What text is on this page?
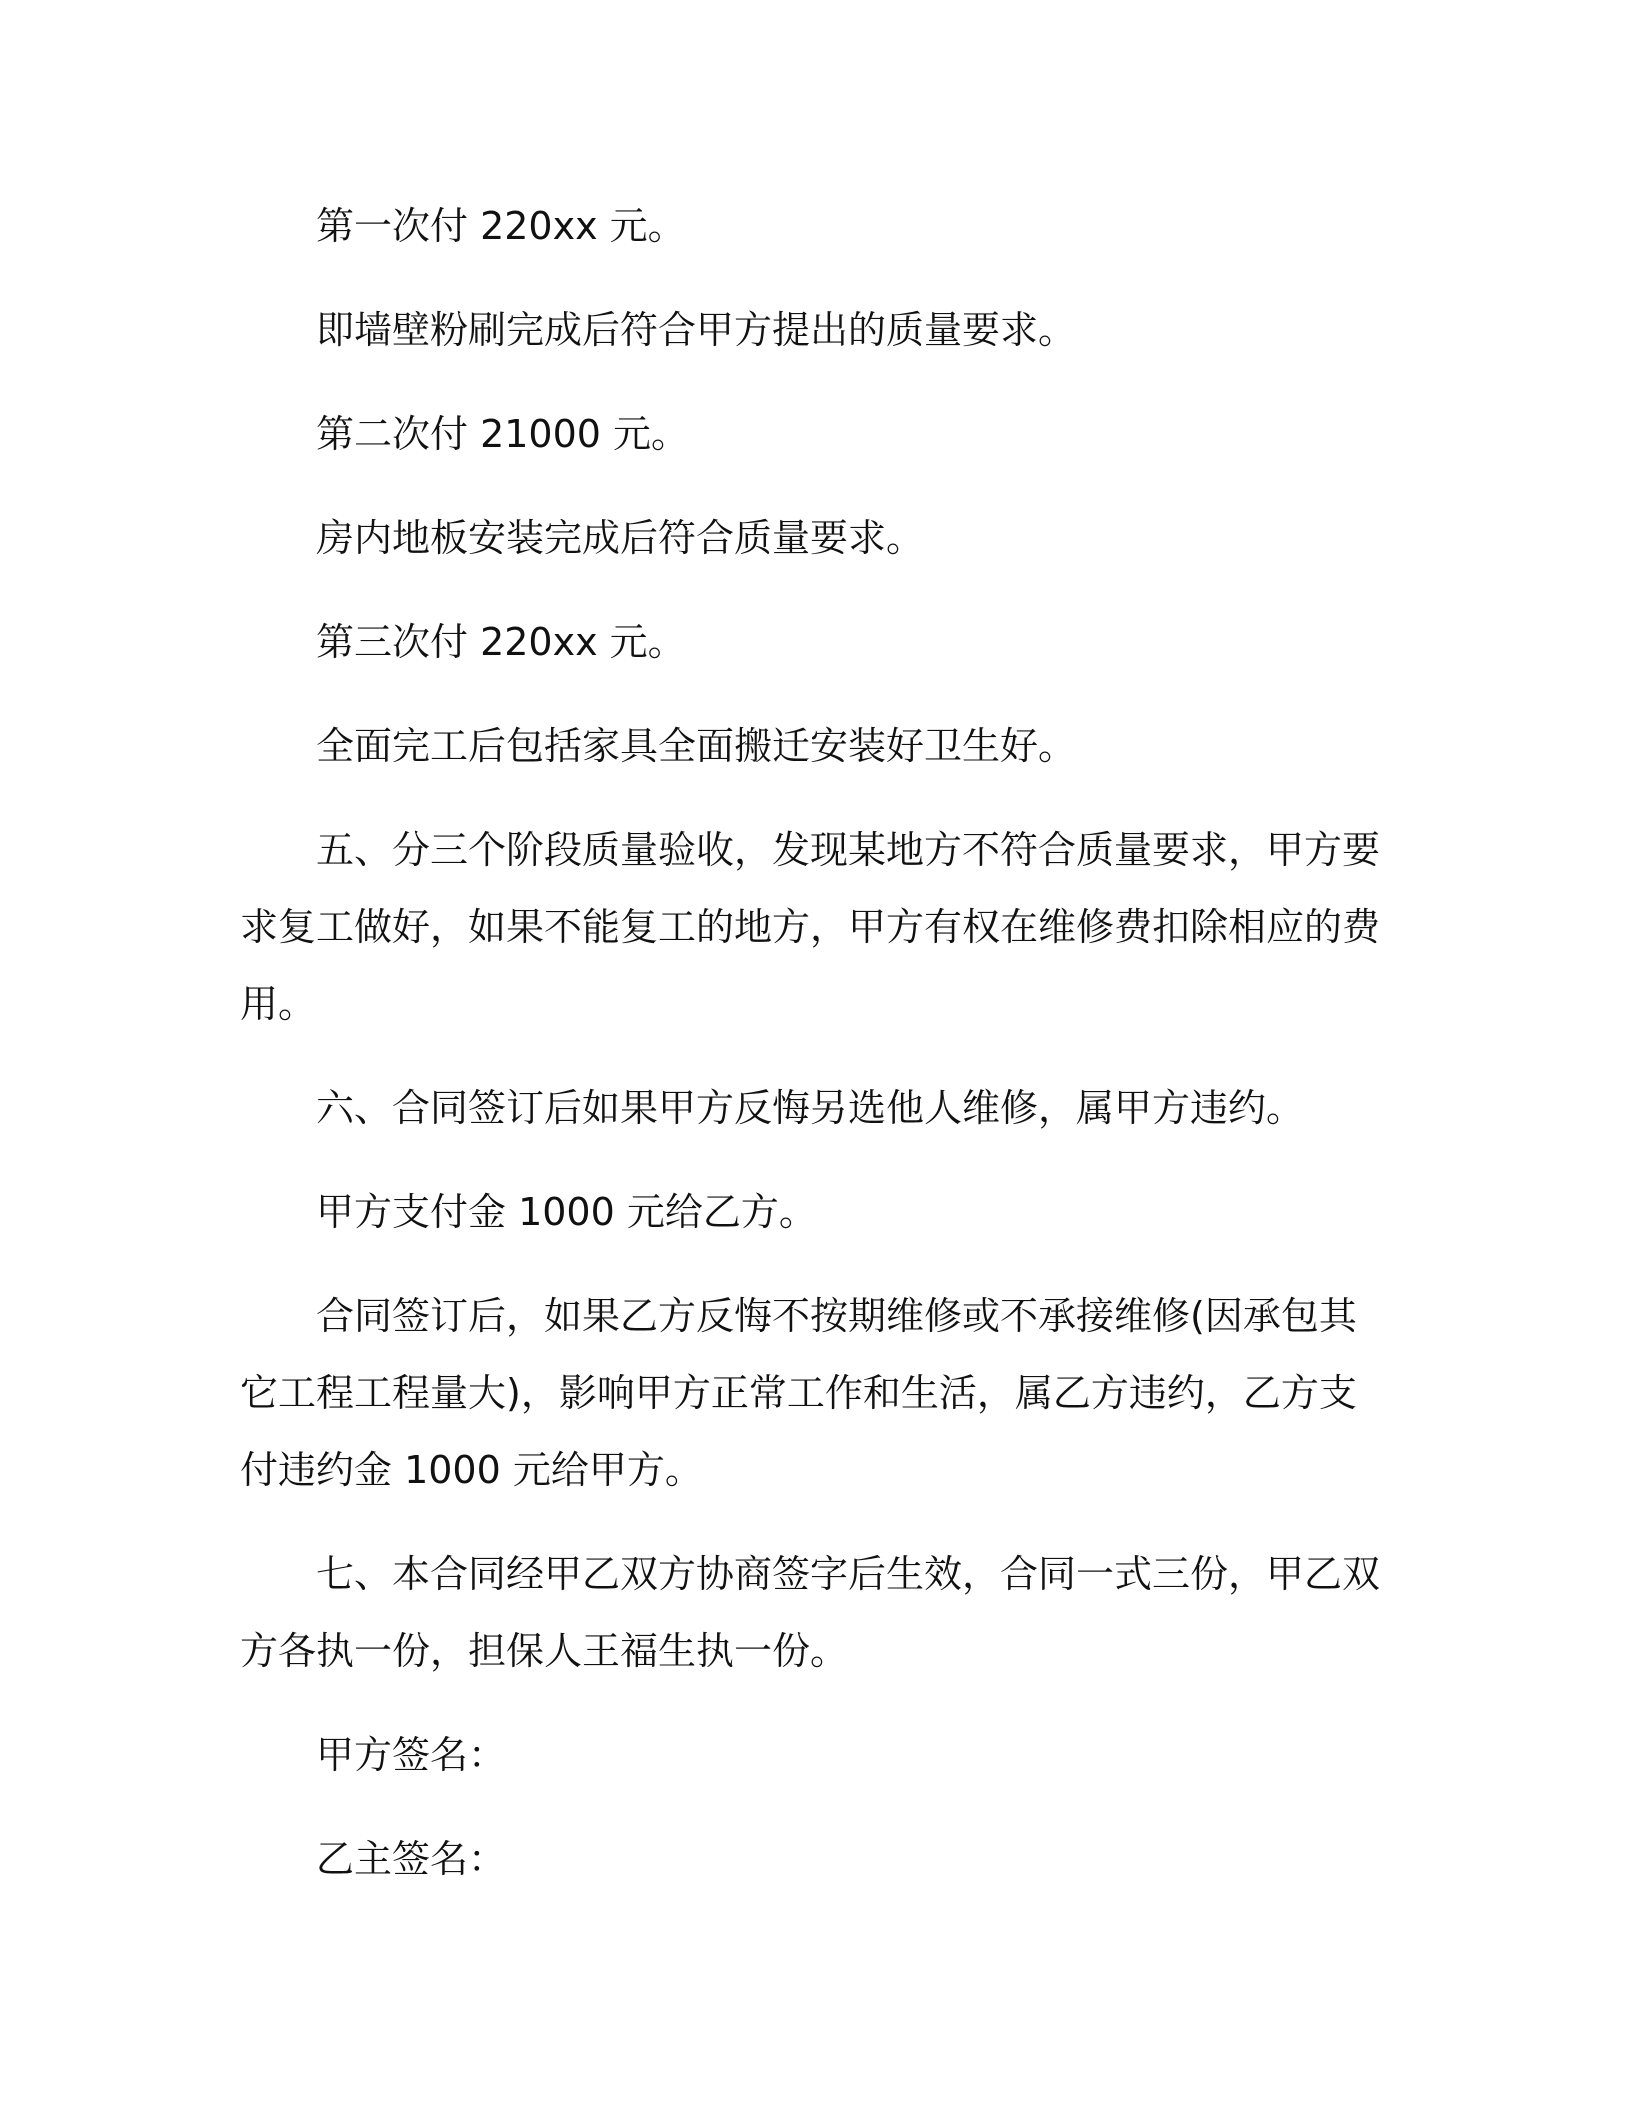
第一次付 220xx 元。

即墙壁粉刷完成后符合甲方提出的质量要求。

第二次付 21000 元。

房内地板安装完成后符合质量要求。

第三次付 220xx 元。

全面完工后包括家具全面搬迁安装好卫生好。

五、分三个阶段质量验收，发现某地方不符合质量要求，甲方要求复工做好，如果不能复工的地方，甲方有权在维修费扣除相应的费用。

六、合同签订后如果甲方反悔另选他人维修，属甲方违约。

甲方支付金 1000 元给乙方。

合同签订后，如果乙方反悔不按期维修或不承接维修(因承包其它工程工程量大)，影响甲方正常工作和生活，属乙方违约，乙方支付违约金 1000 元给甲方。

七、本合同经甲乙双方协商签字后生效，合同一式三份，甲乙双方各执一份，担保人王福生执一份。

甲方签名：

乙主签名：
